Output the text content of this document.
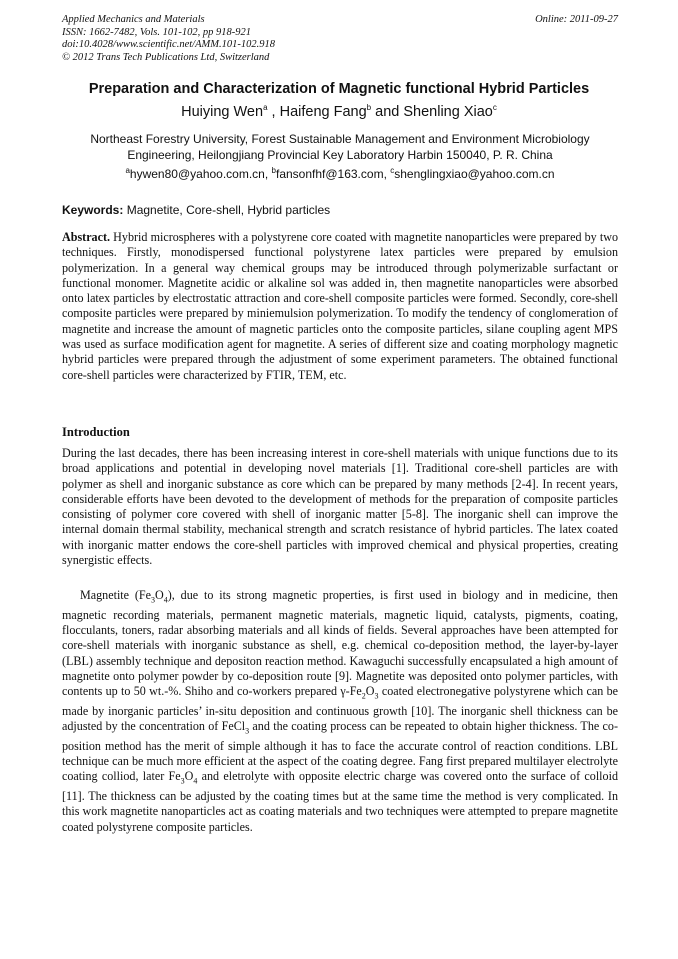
Applied Mechanics and Materials
ISSN: 1662-7482, Vols. 101-102, pp 918-921
doi:10.4028/www.scientific.net/AMM.101-102.918
© 2012 Trans Tech Publications Ltd, Switzerland
Online: 2011-09-27
Preparation and Characterization of Magnetic functional Hybrid Particles
Huiying Wen$^a$ , Haifeng Fang$^b$ and Shenling Xiao$^c$
Northeast Forestry University, Forest Sustainable Management and Environment Microbiology
Engineering, Heilongjiang Provincial Key Laboratory Harbin 150040, P. R. China
$^a$hywen80@yahoo.com.cn, $^b$fansonfhf@163.com, $^c$shenglingxiao@yahoo.com.cn
Keywords: Magnetite, Core-shell, Hybrid particles
Abstract. Hybrid microspheres with a polystyrene core coated with magnetite nanoparticles were prepared by two techniques. Firstly, monodispersed functional polystyrene latex particles were prepared by emulsion polymerization. In a general way chemical groups may be introduced through polymerizable surfactant or functional monomer. Magnetite acidic or alkaline sol was added in, then magnetite nanoparticles were absorbed onto latex particles by electrostatic attraction and core-shell composite particles were formed. Secondly, core-shell composite particles were prepared by miniemulsion polymerization. To modify the tendency of conglomeration of magnetite and increase the amount of magnetic particles onto the composite particles, silane coupling agent MPS was used as surface modification agent for magnetite. A series of different size and coating morphology magnetic hybrid particles were prepared through the adjustment of some experiment parameters. The obtained functional core-shell particles were characterized by FTIR, TEM, etc.
Introduction
During the last decades, there has been increasing interest in core-shell materials with unique functions due to its broad applications and potential in developing novel materials [1]. Traditional core-shell particles are with polymer as shell and inorganic substance as core which can be prepared by many methods [2-4]. In recent years, considerable efforts have been devoted to the development of methods for the preparation of composite particles consisting of polymer core covered with shell of inorganic matter [5-8]. The inorganic shell can improve the internal domain thermal stability, mechanical strength and scratch resistance of hybrid particles. The latex coated with inorganic matter endows the core-shell particles with improved chemical and physical properties, creating synergistic effects.
Magnetite $(Fe_3O_4)$, due to its strong magnetic properties, is first used in biology and in medicine, then magnetic recording materials, permanent magnetic materials, magnetic liquid, catalysts, pigments, coating, flocculants, toners, radar absorbing materials and all kinds of fields. Several approaches have been attempted for core-shell materials with inorganic substance as shell, e.g. chemical co-deposition method, the layer-by-layer (LBL) assembly technique and depositon reaction method. Kawaguchi successfully encapsulated a high amount of magnetite onto polymer powder by co-deposition route [9]. Magnetite was deposited onto polymer particles, with contents up to 50 wt.-%. Shiho and co-workers prepared $\gamma-Fe_2O_3$ coated electronegative polystyrene which can be made by inorganic particles’ in-situ deposition and continuous growth [10]. The inorganic shell thickness can be adjusted by the concentration of FeCl$_3$ and the coating process can be repeated to obtain higher thickness. The co-position method has the merit of simple although it has to face the accurate control of reaction conditions. LBL technique can be much more efficient at the aspect of the coating degree. Fang first prepared multilayer electrolyte coating colliod, later $Fe_3O_4$ and eletrolyte with opposite electric charge was covered onto the surface of colloid [11]. The thickness can be adjusted by the coating times but at the same time the method is very complicated. In this work magnetite nanoparticles act as coating materials and two techniques were attempted to prepare magnetite coated polystyrene composite particles.
